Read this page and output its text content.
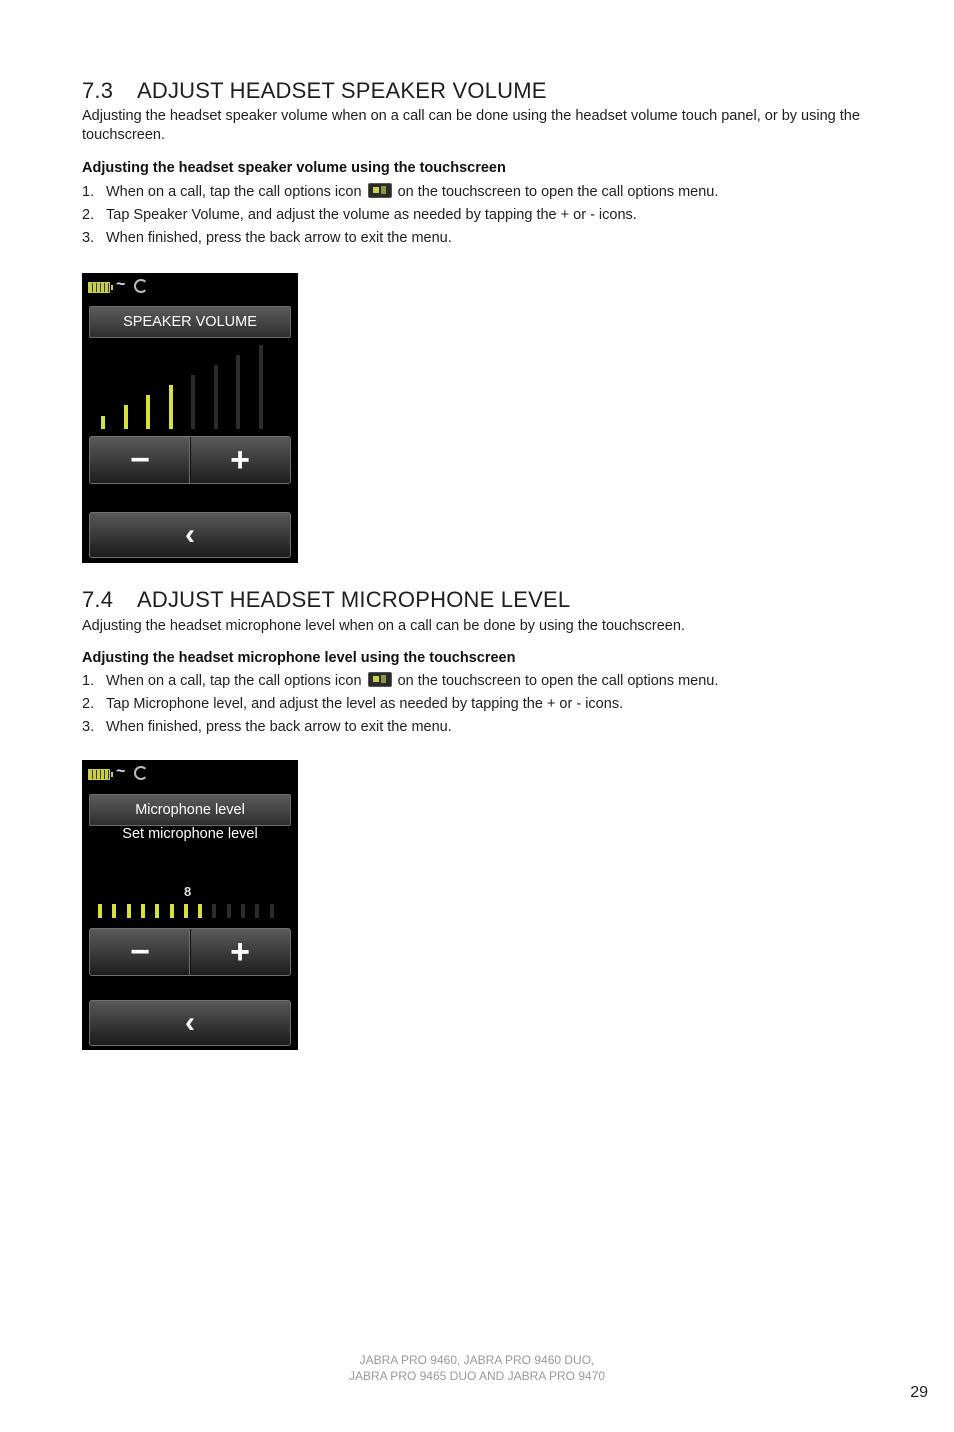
7.3 ADJUST HEADSET SPEAKER VOLUME
Adjusting the headset speaker volume when on a call can be done using the headset volume touch panel, or by using the touchscreen.
Adjusting the headset speaker volume using the touchscreen
1. When on a call, tap the call options icon on the touchscreen to open the call options menu.
2. Tap Speaker Volume, and adjust the volume as needed by tapping the + or - icons.
3. When finished, press the back arrow to exit the menu.
~
SPEAKER VOLUME
−	+
‹
7.4 ADJUST HEADSET MICROPHONE LEVEL
Adjusting the headset microphone level when on a call can be done by using the touchscreen.
Adjusting the headset microphone level using the touchscreen
1. When on a call, tap the call options icon on the touchscreen to open the call options menu.
2. Tap Microphone level, and adjust the level as needed by tapping the + or - icons.
3. When finished, press the back arrow to exit the menu.
~
Microphone level
Set microphone level
8
−	+
‹
JABRA PRO 9460, JABRA PRO 9460 DUO,
JABRA PRO 9465 DUO AND JABRA PRO 9470
29
